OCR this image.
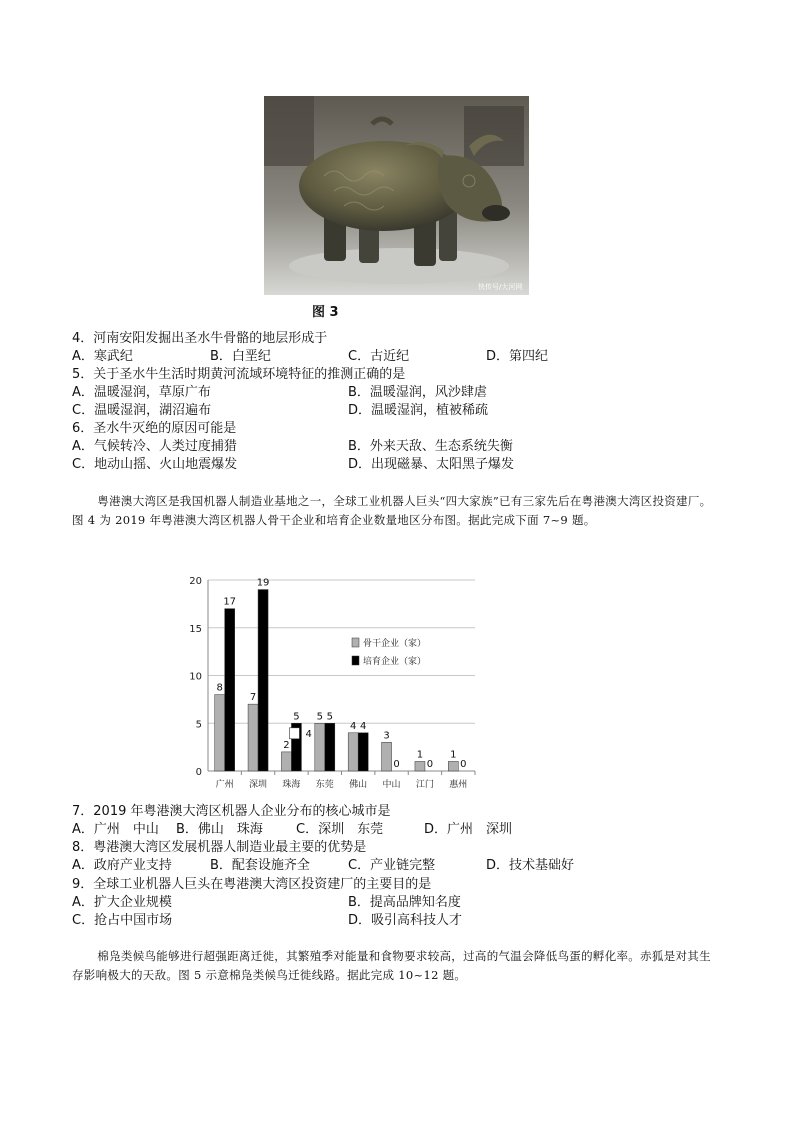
快传号/大河网
图 3
4．河南安阳发掘出圣水牛骨骼的地层形成于
A．寒武纪	B．白垩纪	C．古近纪	D．第四纪
5．关于圣水牛生活时期黄河流域环境特征的推测正确的是
A．温暖湿润，草原广布	B．温暖湿润，风沙肆虐
C．温暖湿润，湖沼遍布	D．温暖湿润，植被稀疏
6．圣水牛灭绝的原因可能是
A．气候转冷、人类过度捕猎	B．外来天敌、生态系统失衡
C．地动山摇、火山地震爆发	D．出现磁暴、太阳黑子爆发
粤港澳大湾区是我国机器人制造业基地之一，全球工业机器人巨头“四大家族”已有三家先后在粤港澳大湾区投资建厂。图 4 为 2019 年粤港澳大湾区机器人骨干企业和培育企业数量地区分布图。据此完成下面 7~9 题。
0
5
10
15
20
广州
8
17
深圳
7
19
珠海
2
5
东莞
5 5
佛山
4 4
中山
3
0
江门
1
0
惠州
1
0
4
骨干企业（家）
培育企业（家）
7．2019 年粤港澳大湾区机器人企业分布的核心城市是
A．广州　中山 B．佛山　珠海	C．深圳　东莞	D．广州　深圳
8．粤港澳大湾区发展机器人制造业最主要的优势是
A．政府产业支持	B．配套设施齐全	C．产业链完整	D．技术基础好
9．全球工业机器人巨头在粤港澳大湾区投资建厂的主要目的是
A．扩大企业规模	B．提高品牌知名度
C．抢占中国市场	D．吸引高科技人才
棉凫类候鸟能够进行超强距离迁徙，其繁殖季对能量和食物要求较高，过高的气温会降低鸟蛋的孵化率。赤狐是对其生存影响极大的天敌。图 5 示意棉凫类候鸟迁徙线路。据此完成 10~12 题。
